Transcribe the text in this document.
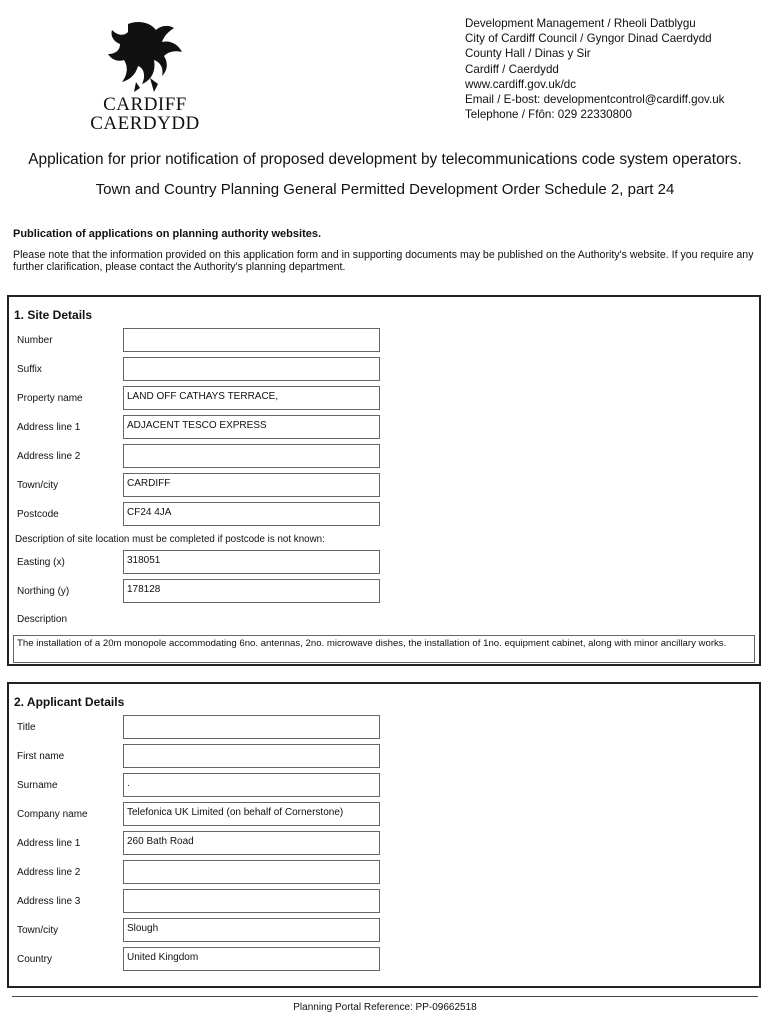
CARDIFF
CAERDYDD
Development Management / Rheoli Datblygu
City of Cardiff Council / Gyngor Dinad Caerdydd
County Hall / Dinas y Sir
Cardiff / Caerdydd
www.cardiff.gov.uk/dc
Email / E-bost: developmentcontrol@cardiff.gov.uk
Telephone / Ffôn: 029 22330800
Application for prior notification of proposed development by telecommunications code system operators.
Town and Country Planning General Permitted Development Order Schedule 2, part 24
Publication of applications on planning authority websites.
Please note that the information provided on this application form and in supporting documents may be published on the Authority's website. If you require any further clarification, please contact the Authority's planning department.
1. Site Details
Number
Suffix
Property name	LAND OFF CATHAYS TERRACE,
Address line 1	ADJACENT TESCO EXPRESS
Address line 2
Town/city	CARDIFF
Postcode	CF24 4JA
Description of site location must be completed if postcode is not known:
Easting (x)	318051
Northing (y)	178128
Description
The installation of a 20m monopole accommodating 6no. antennas, 2no. microwave dishes, the installation of 1no. equipment cabinet, along with minor ancillary works.
2. Applicant Details
Title
First name
Surname	.
Company name	Telefonica UK Limited (on behalf of Cornerstone)
Address line 1	260 Bath Road
Address line 2
Address line 3
Town/city	Slough
Country	United Kingdom
Planning Portal Reference: PP-09662518
